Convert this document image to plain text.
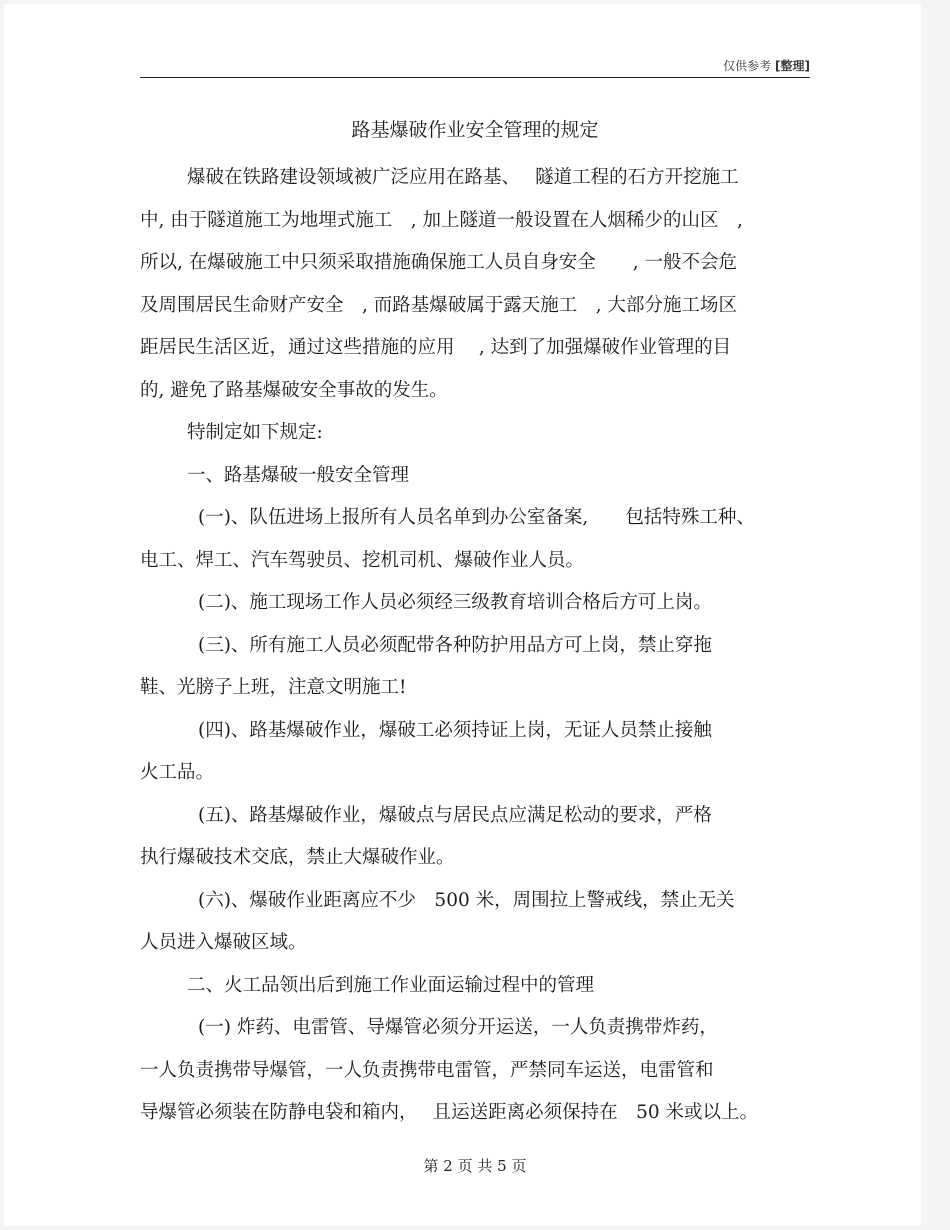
仅供参考 [整理]
路基爆破作业安全管理的规定
爆破在铁路建设领域被广泛应用在路基、　 隧道工程的石方开挖施工
中, 由于隧道施工为地埋式施工　, 加上隧道一般设置在人烟稀少的山区　,
所以, 在爆破施工中只须采取措施确保施工人员自身安全　　, 一般不会危
及周围居民生命财产安全　, 而路基爆破属于露天施工　, 大部分施工场区
距居民生活区近，通过这些措施的应用　 , 达到了加强爆破作业管理的目
的, 避免了路基爆破安全事故的发生。
特制定如下规定:
一、路基爆破一般安全管理
(一)、队伍进场上报所有人员名单到办公室备案,　　包括特殊工种、
电工、焊工、汽车驾驶员、挖机司机、爆破作业人员。
(二)、施工现场工作人员必须经三级教育培训合格后方可上岗。
(三)、所有施工人员必须配带各种防护用品方可上岗，禁止穿拖
鞋、光膀子上班，注意文明施工!
(四)、路基爆破作业，爆破工必须持证上岗，无证人员禁止接触
火工品。
(五)、路基爆破作业，爆破点与居民点应满足松动的要求，严格
执行爆破技术交底，禁止大爆破作业。
(六)、爆破作业距离应不少　500 米，周围拉上警戒线，禁止无关
人员进入爆破区域。
二、火工品领出后到施工作业面运输过程中的管理
(一) 炸药、电雷管、导爆管必须分开运送，一人负责携带炸药，
一人负责携带导爆管，一人负责携带电雷管，严禁同车运送，电雷管和
导爆管必须装在防静电袋和箱内，　 且运送距离必须保持在　50 米或以上。
第 2 页 共 5 页
